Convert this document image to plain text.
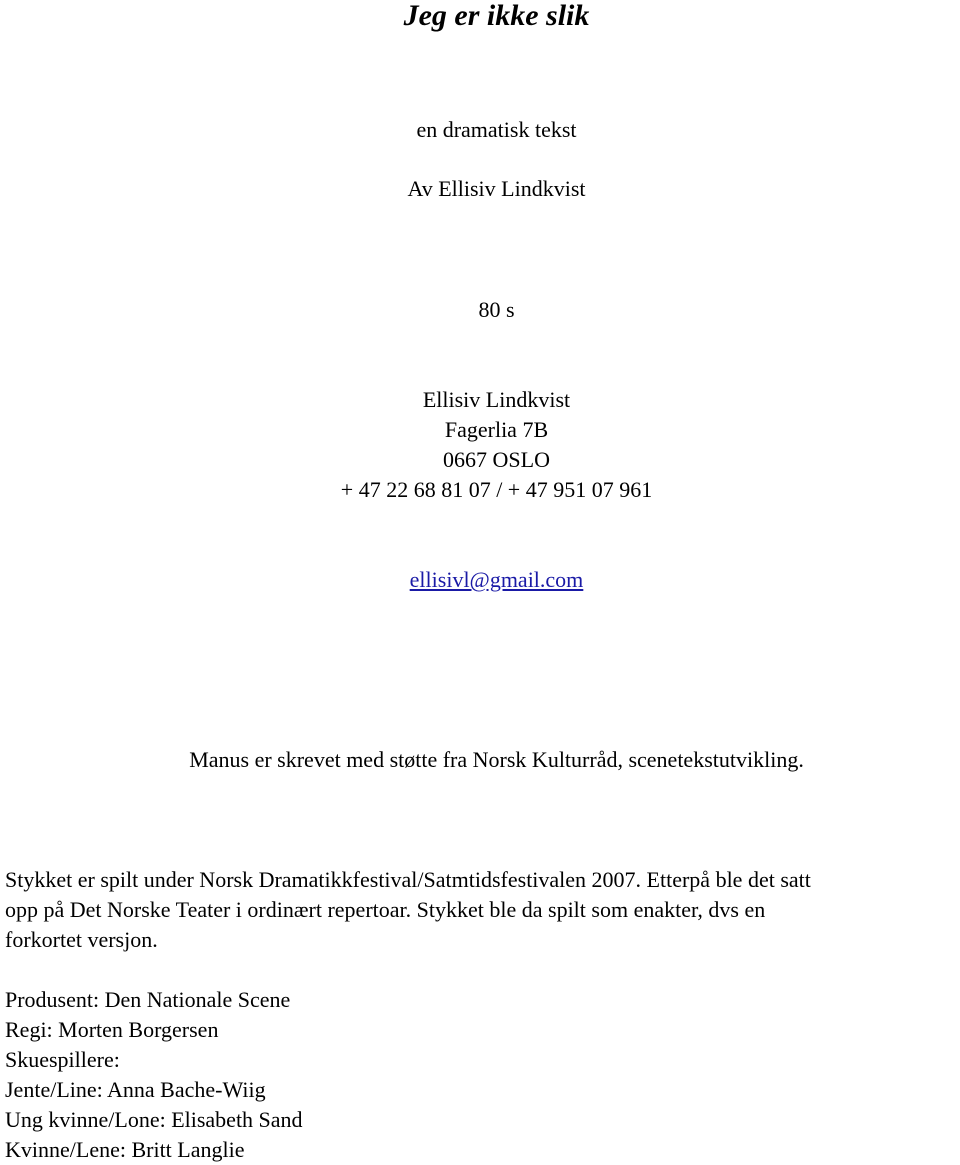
Jeg er ikke slik
en dramatisk tekst
Av Ellisiv Lindkvist
80 s
Ellisiv Lindkvist
Fagerlia 7B
0667 OSLO
+ 47 22 68 81 07 / + 47 951 07 961
ellisivl@gmail.com
Manus er skrevet med støtte fra Norsk Kulturråd, scenetekstutvikling.
Stykket er spilt under Norsk Dramatikkfestival/Satmtidsfestivalen 2007. Etterpå ble det satt
opp på Det Norske Teater i ordinært repertoar. Stykket ble da spilt som enakter, dvs en
forkortet versjon.
Produsent: Den Nationale Scene
Regi: Morten Borgersen
Skuespillere:
Jente/Line: Anna Bache-Wiig
Ung kvinne/Lone: Elisabeth Sand
Kvinne/Lene: Britt Langlie
